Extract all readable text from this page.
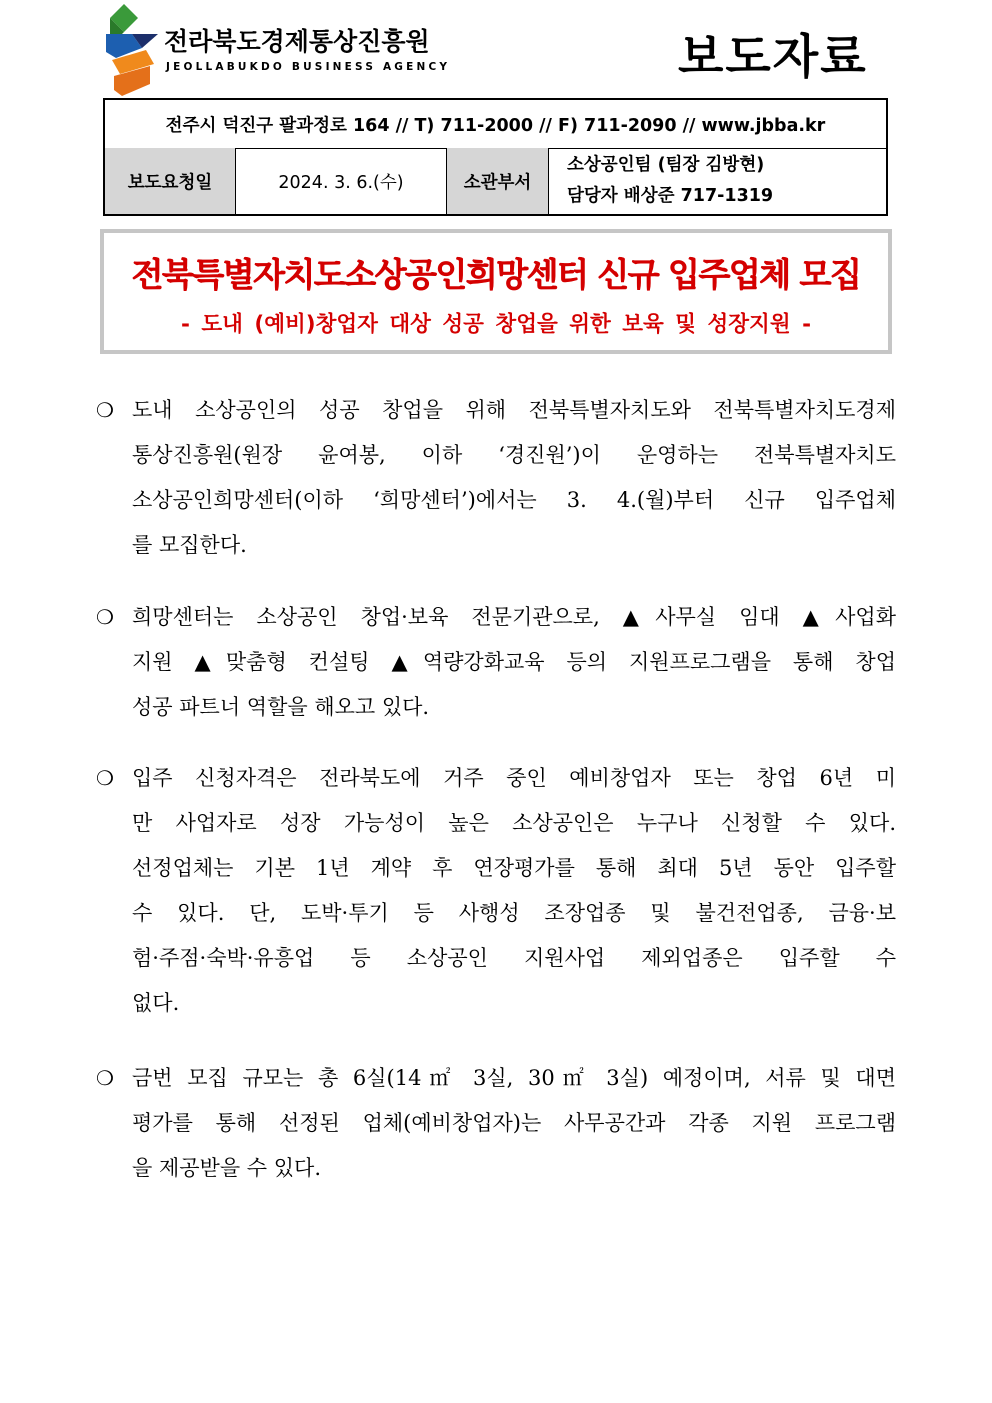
전라북도경제통상진흥원
JEOLLABUKDO BUSINESS AGENCY	보도자료
전주시 덕진구 팔과정로 164 // T) 711-2000 // F) 711-2090 // www.jbba.kr
보도요청일	2024. 3. 6.(수)	소관부서
소상공인팀 (팀장 김방현)
담당자 배상준 717-1319
전북특별자치도소상공인희망센터 신규 입주업체 모집
- 도내 (예비)창업자 대상 성공 창업을 위한 보육 및 성장지원 -
❍ 도내 소상공인의 성공 창업을 위해 전북특별자치도와 전북특별자치도경제
통상진흥원(원장 윤여봉, 이하 ‘경진원’)이 운영하는 전북특별자치도
소상공인희망센터(이하 ‘희망센터’)에서는 3. 4.(월)부터 신규 입주업체
를 모집한다.
❍ 희망센터는 소상공인 창업·보육 전문기관으로, ▲사무실 임대 ▲사업화
지원 ▲맞춤형 컨설팅 ▲역량강화교육 등의 지원프로그램을 통해 창업
성공 파트너 역할을 해오고 있다.
❍ 입주 신청자격은 전라북도에 거주 중인 예비창업자 또는 창업 6년 미
만 사업자로 성장 가능성이 높은 소상공인은 누구나 신청할 수 있다.
선정업체는 기본 1년 계약 후 연장평가를 통해 최대 5년 동안 입주할
수 있다. 단, 도박·투기 등 사행성 조장업종 및 불건전업종, 금융·보
험·주점·숙박·유흥업 등 소상공인 지원사업 제외업종은 입주할 수
없다.
❍ 금번 모집 규모는 총 6실(14㎡ 3실, 30㎡ 3실) 예정이며, 서류 및 대면
평가를 통해 선정된 업체(예비창업자)는 사무공간과 각종 지원 프로그램
을 제공받을 수 있다.
